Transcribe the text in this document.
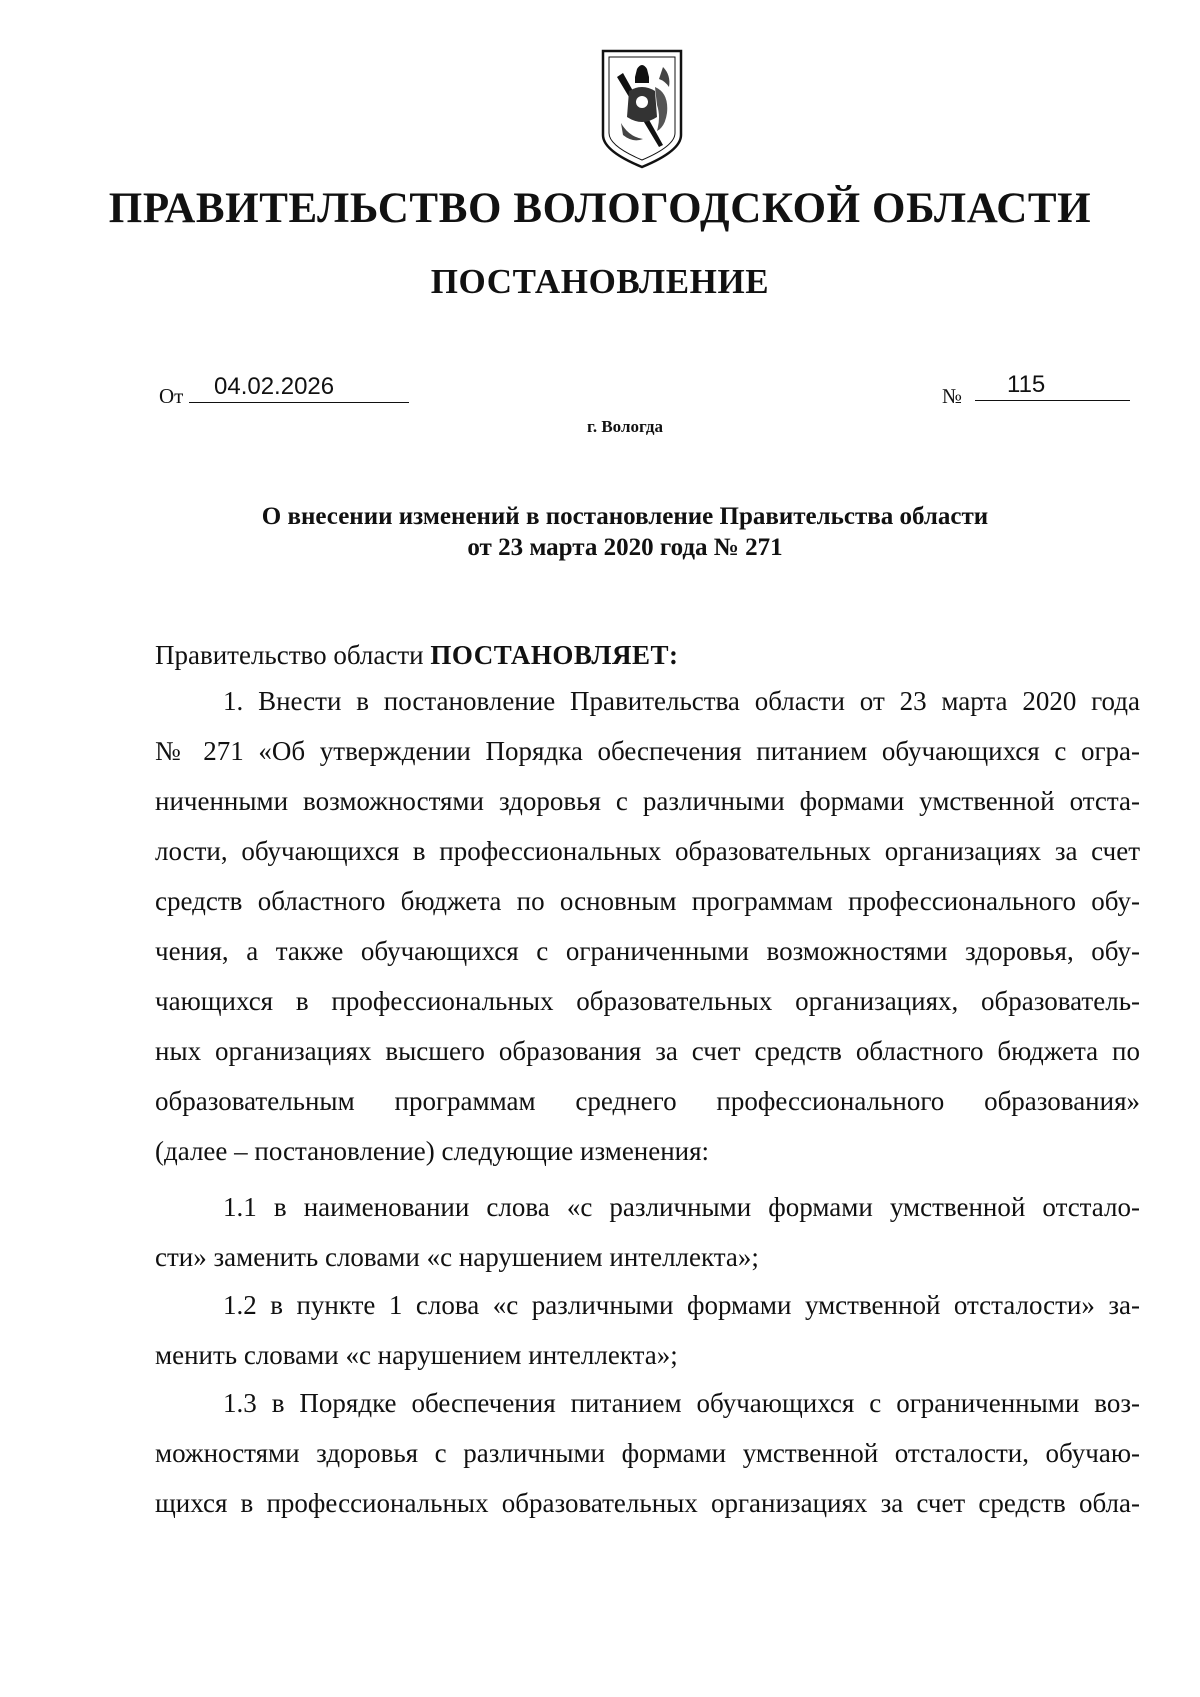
ПРАВИТЕЛЬСТВО ВОЛОГОДСКОЙ ОБЛАСТИ
ПОСТАНОВЛЕНИЕ
От	04.02.2026	№	115
г. Вологда
О внесении изменений в постановление Правительства области
от 23 марта 2020 года № 271
Правительство области ПОСТАНОВЛЯЕТ:
1. Внести в постановление Правительства области от 23 марта 2020 года
№ 271 «Об утверждении Порядка обеспечения питанием обучающихся с огра-
ниченными возможностями здоровья с различными формами умственной отста-
лости, обучающихся в профессиональных образовательных организациях за счет
средств областного бюджета по основным программам профессионального обу-
чения, а также обучающихся с ограниченными возможностями здоровья, обу-
чающихся в профессиональных образовательных организациях, образователь-
ных организациях высшего образования за счет средств областного бюджета по
образовательным программам среднего профессионального образования»
(далее – постановление) следующие изменения:
1.1 в наименовании слова «с различными формами умственной отстало-
сти» заменить словами «с нарушением интеллекта»;
1.2 в пункте 1 слова «с различными формами умственной отсталости» за-
менить словами «с нарушением интеллекта»;
1.3 в Порядке обеспечения питанием обучающихся с ограниченными воз-
можностями здоровья с различными формами умственной отсталости, обучаю-
щихся в профессиональных образовательных организациях за счет средств обла-
